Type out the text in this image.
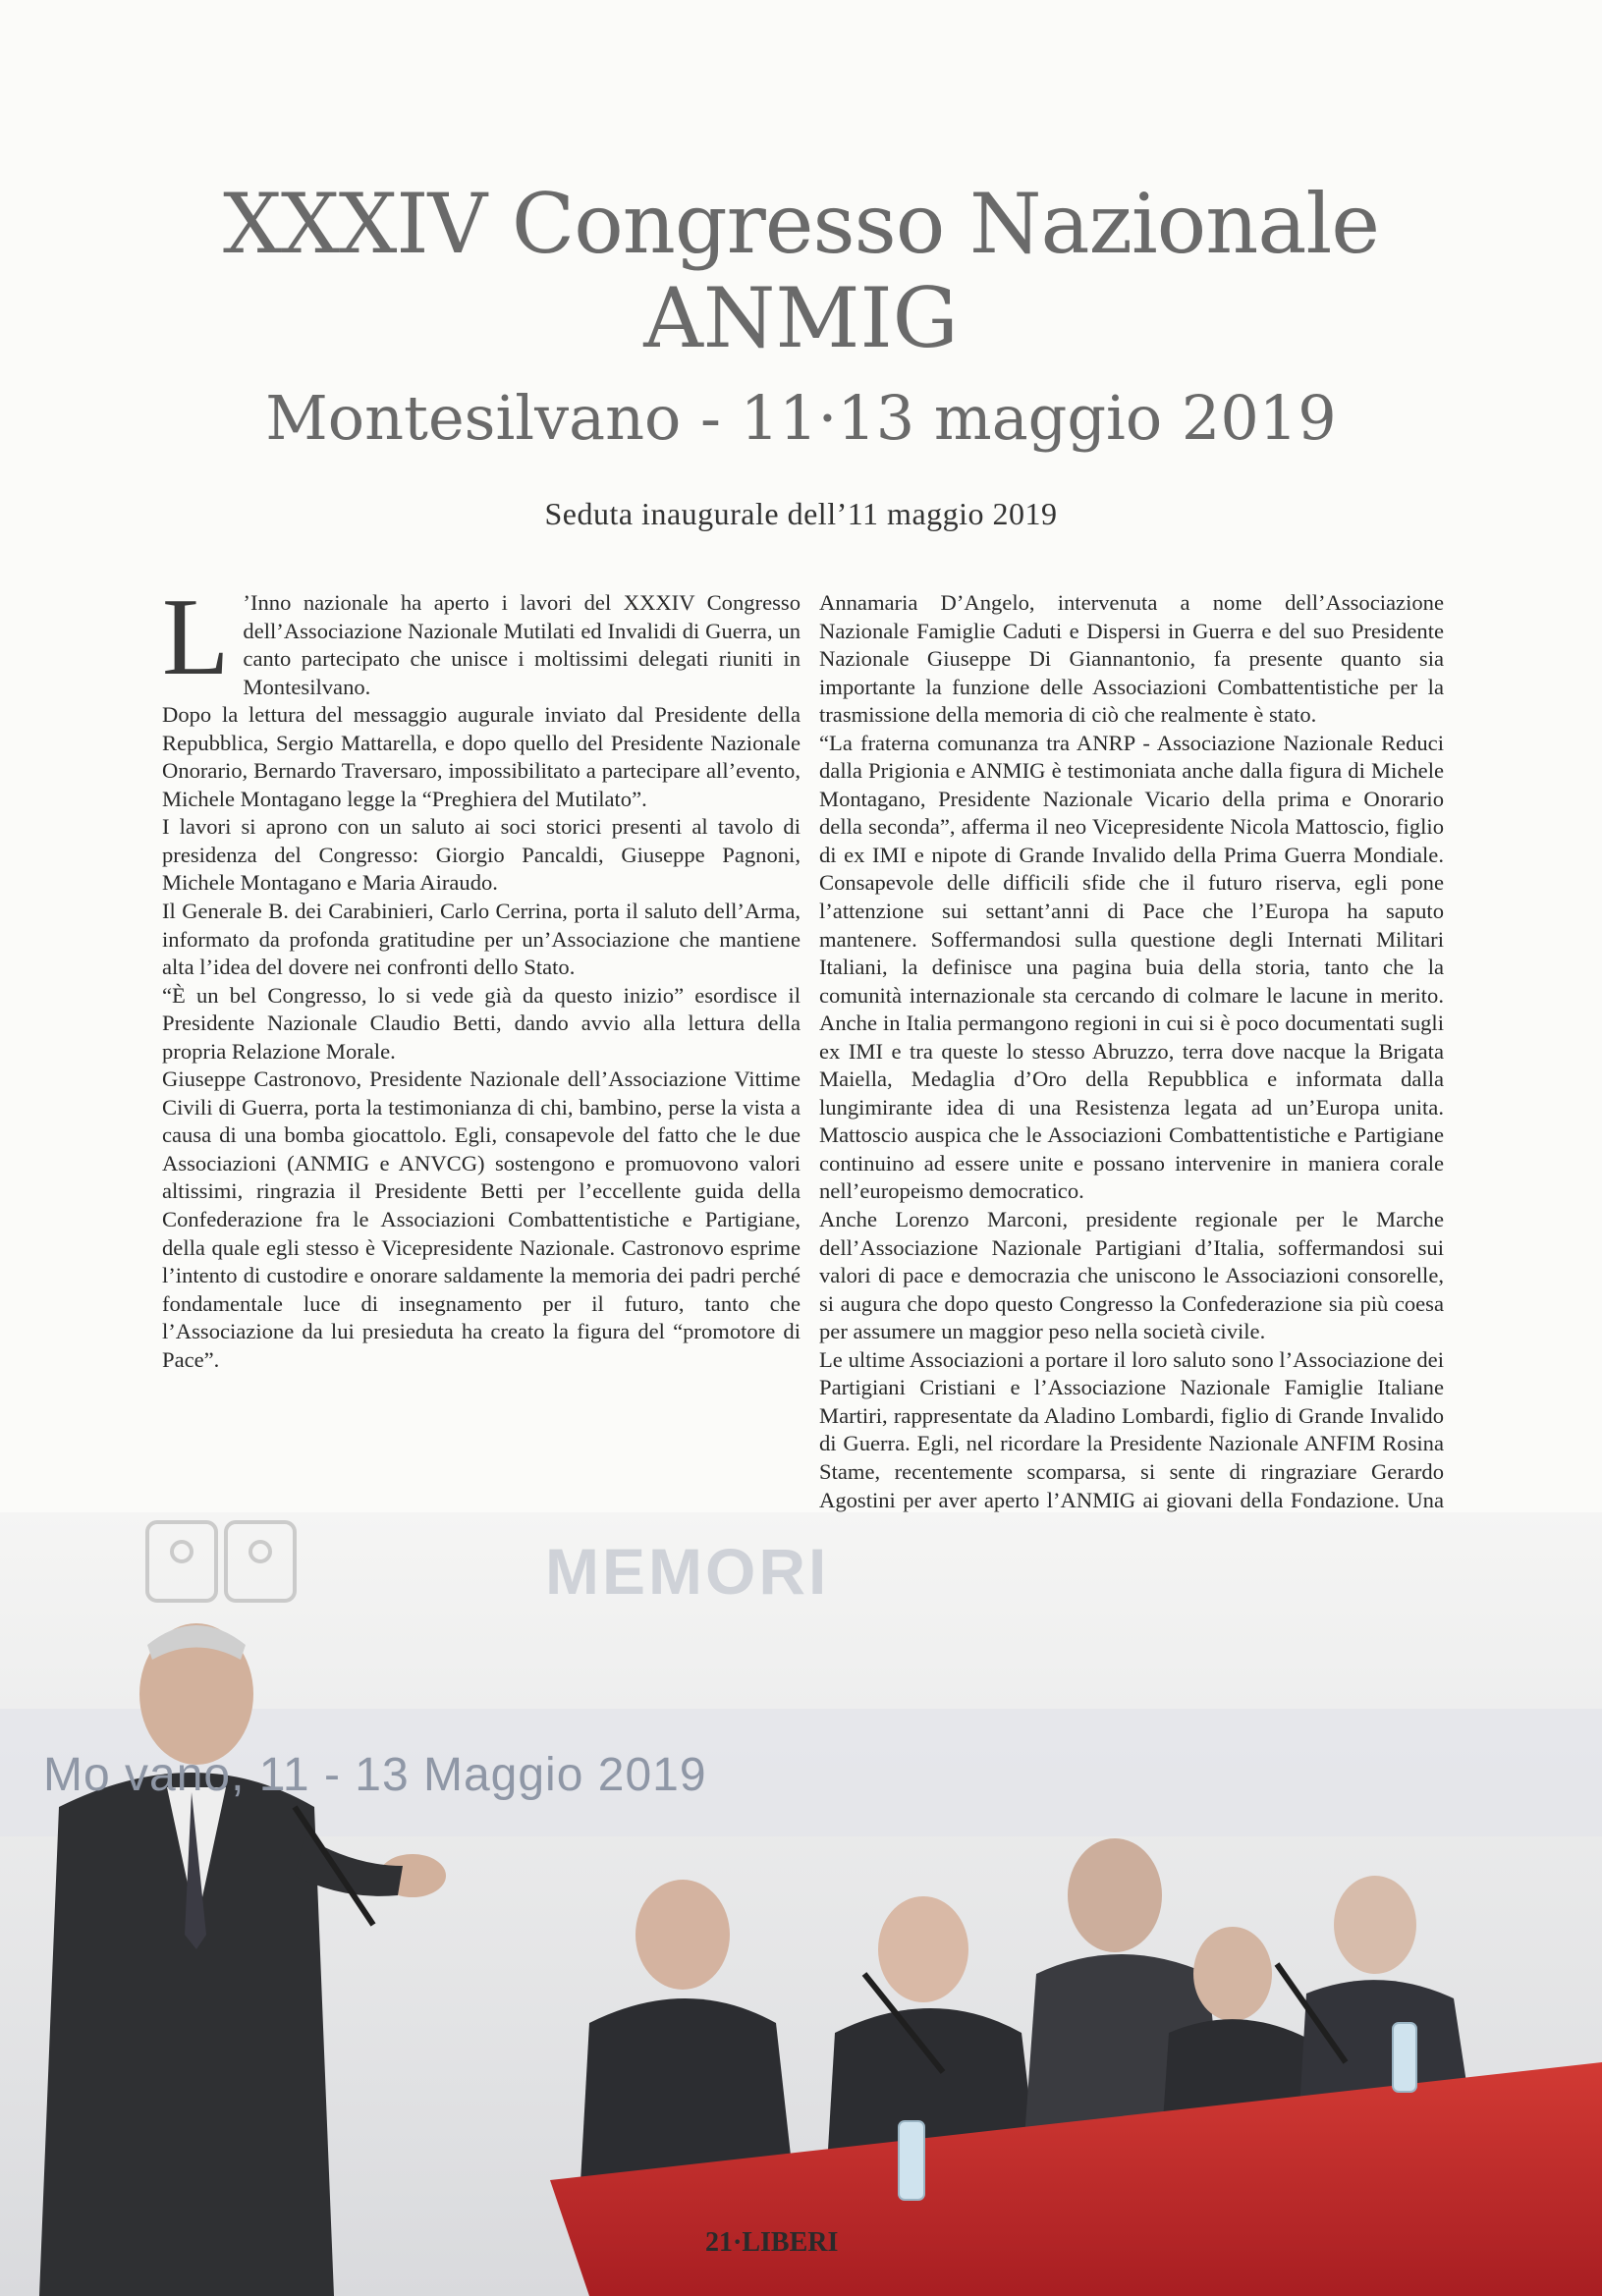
XXXIV Congresso Nazionale
ANMIG
Montesilvano - 11·13 maggio 2019
Seduta inaugurale dell’11 maggio 2019

L ’Inno nazionale ha aperto i lavori del XXXIV Congresso dell’Associazione Nazionale Mutilati ed Invalidi di Guerra, un canto partecipato che unisce i moltissimi delegati riuniti in Montesilvano.

Dopo la lettura del messaggio augurale inviato dal Presidente della Repubblica, Sergio Mattarella, e dopo quello del Presidente Nazionale Onorario, Bernardo Traversaro, impossibilitato a partecipare all’evento, Michele Montagano legge la “Preghiera del Mutilato”.

I lavori si aprono con un saluto ai soci storici presenti al tavolo di presidenza del Congresso: Giorgio Pancaldi, Giuseppe Pagnoni, Michele Montagano e Maria Airaudo.

Il Generale B. dei Carabinieri, Carlo Cerrina, porta il saluto dell’Arma, informato da profonda gratitudine per un’Associazione che mantiene alta l’idea del dovere nei confronti dello Stato.

“È un bel Congresso, lo si vede già da questo inizio” esordisce il Presidente Nazionale Claudio Betti, dando avvio alla lettura della propria Relazione Morale.

Giuseppe Castronovo, Presidente Nazionale dell’Associazione Vittime Civili di Guerra, porta la testimonianza di chi, bambino, perse la vista a causa di una bomba giocattolo. Egli, consapevole del fatto che le due Associazioni (ANMIG e ANVCG) sostengono e promuovono valori altissimi, ringrazia il Presidente Betti per l’eccellente guida della Confederazione fra le Associazioni Combattentistiche e Partigiane, della quale egli stesso è Vicepresidente Nazionale. Castronovo esprime l’intento di custodire e onorare saldamente la memoria dei padri perché fondamentale luce di insegnamento per il futuro, tanto che l’Associazione da lui presieduta ha creato la figura del “promotore di Pace”.

Annamaria D’Angelo, intervenuta a nome dell’Associazione Nazionale Famiglie Caduti e Dispersi in Guerra e del suo Presidente Nazionale Giuseppe Di Giannantonio, fa presente quanto sia importante la funzione delle Associazioni Combattentistiche per la trasmissione della memoria di ciò che realmente è stato.

“La fraterna comunanza tra ANRP - Associazione Nazionale Reduci dalla Prigionia e ANMIG è testimoniata anche dalla figura di Michele Montagano, Presidente Nazionale Vicario della prima e Onorario della seconda”, afferma il neo Vicepresidente Nicola Mattoscio, figlio di ex IMI e nipote di Grande Invalido della Prima Guerra Mondiale. Consapevole delle difficili sfide che il futuro riserva, egli pone l’attenzione sui settant’anni di Pace che l’Europa ha saputo mantenere. Soffermandosi sulla questione degli Internati Militari Italiani, la definisce una pagina buia della storia, tanto che la comunità internazionale sta cercando di colmare le lacune in merito. Anche in Italia permangono regioni in cui si è poco documentati sugli ex IMI e tra queste lo stesso Abruzzo, terra dove nacque la Brigata Maiella, Medaglia d’Oro della Repubblica e informata dalla lungimirante idea di una Resistenza legata ad un’Europa unita. Mattoscio auspica che le Associazioni Combattentistiche e Partigiane continuino ad essere unite e possano intervenire in maniera corale nell’europeismo democratico.

Anche Lorenzo Marconi, presidente regionale per le Marche dell’Associazione Nazionale Partigiani d’Italia, soffermandosi sui valori di pace e democrazia che uniscono le Associazioni consorelle, si augura che dopo questo Congresso la Confederazione sia più coesa per assumere un maggior peso nella società civile.

Le ultime Associazioni a portare il loro saluto sono l’Associazione dei Partigiani Cristiani e l’Associazione Nazionale Famiglie Italiane Martiri, rappresentate da Aladino Lombardi, figlio di Grande Invalido di Guerra. Egli, nel ricordare la Presidente Nazionale ANFIM Rosina Stame, recentemente scomparsa, si sente di ringraziare Gerardo Agostini per aver aperto l’ANMIG ai giovani della Fondazione. Una

MEMORI
Mo vano, 11 - 13 Maggio 2019
21·LIBERI
